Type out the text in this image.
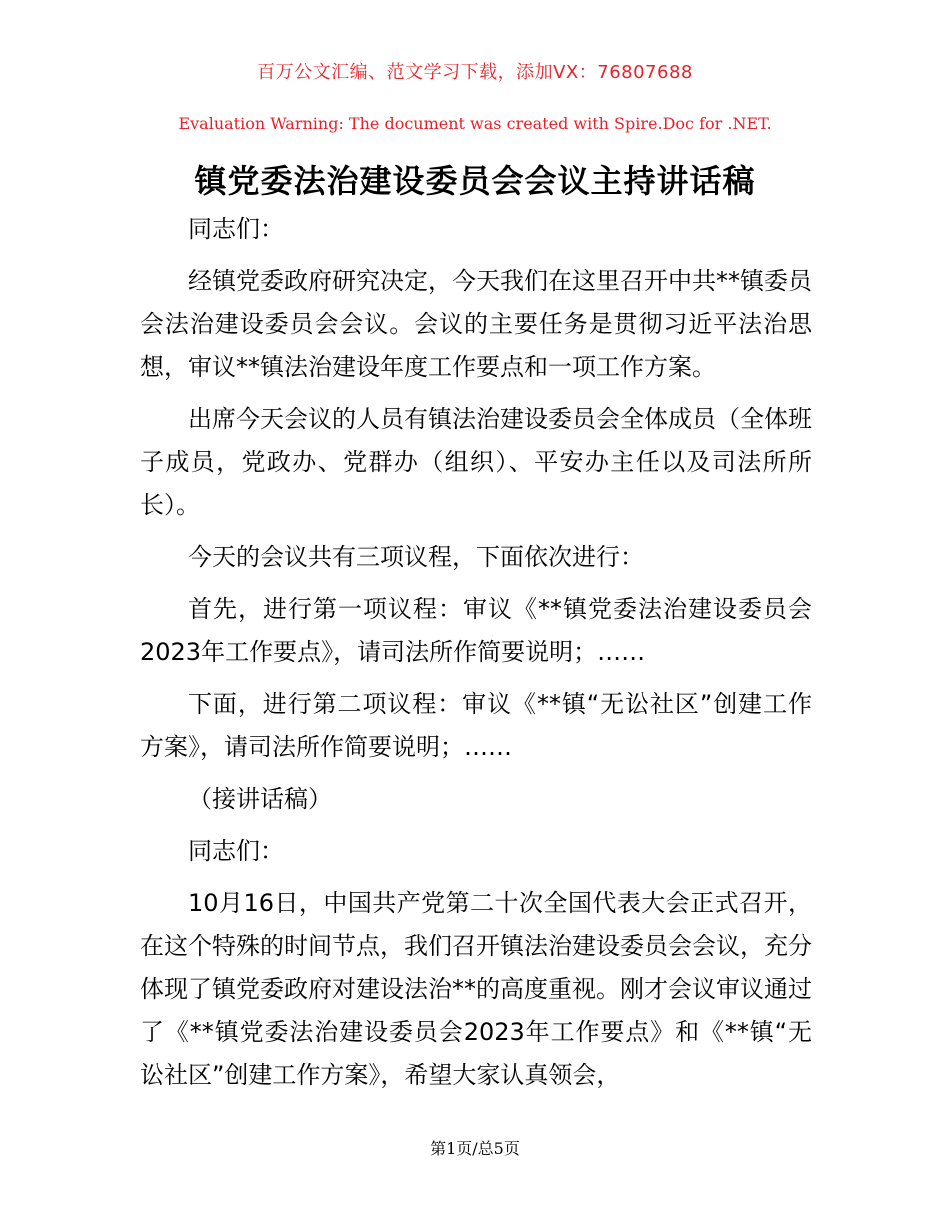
百万公文汇编、范文学习下载，添加VX：76807688
Evaluation Warning: The document was created with Spire.Doc for .NET.
镇党委法治建设委员会会议主持讲话稿

同志们：

经镇党委政府研究决定，今天我们在这里召开中共**镇委员会法治建设委员会会议。会议的主要任务是贯彻习近平法治思想，审议**镇法治建设年度工作要点和一项工作方案。

出席今天会议的人员有镇法治建设委员会全体成员（全体班子成员，党政办、党群办（组织）、平安办主任以及司法所所长）。

今天的会议共有三项议程，下面依次进行：

首先，进行第一项议程：审议《**镇党委法治建设委员会2023年工作要点》，请司法所作简要说明；……

下面，进行第二项议程：审议《**镇“无讼社区”创建工作方案》，请司法所作简要说明；……

（接讲话稿）

同志们：

10月16日，中国共产党第二十次全国代表大会正式召开，在这个特殊的时间节点，我们召开镇法治建设委员会会议，充分体现了镇党委政府对建设法治**的高度重视。刚才会议审议通过了《**镇党委法治建设委员会2023年工作要点》和《**镇“无讼社区”创建工作方案》，希望大家认真领会，

第1页/总5页
